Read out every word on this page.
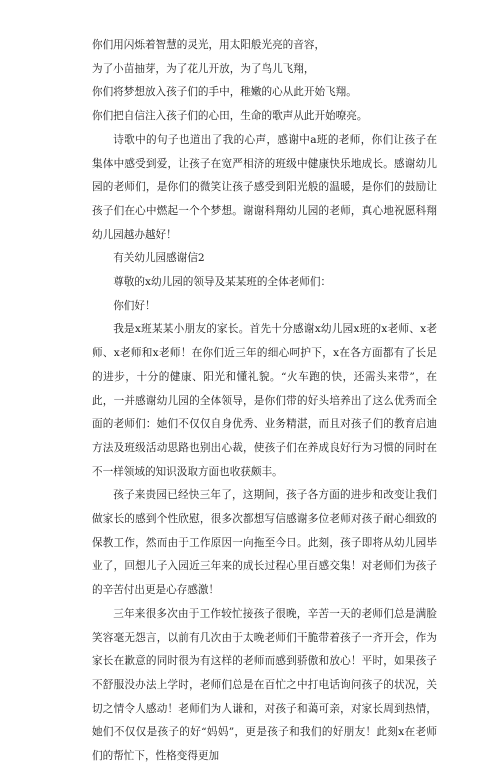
你们用闪烁着智慧的灵光，用太阳般光亮的音容，

为了小苗抽芽，为了花儿开放，为了鸟儿飞翔，

你们将梦想放入孩子们的手中，稚嫩的心从此开始飞翔。

你们把自信注入孩子们的心田，生命的歌声从此开始嘹亮。

诗歌中的句子也道出了我的心声，感谢中a班的老师，你们让孩子在集体中感受到爱，让孩子在宽严相济的班级中健康快乐地成长。感谢幼儿园的老师们，是你们的微笑让孩子感受到阳光般的温暖，是你们的鼓励让孩子们在心中燃起一个个梦想。谢谢科翔幼儿园的老师，真心地祝愿科翔幼儿园越办越好！

有关幼儿园感谢信2

尊敬的x幼儿园的领导及某某班的全体老师们：

你们好！

我是x班某某小朋友的家长。首先十分感谢x幼儿园x班的x老师、x老师、x老师和x老师！在你们近三年的细心呵护下，x在各方面都有了长足的进步，十分的健康、阳光和懂礼貌。“火车跑的快，还需头来带”，在此，一并感谢幼儿园的全体领导，是你们带的好头培养出了这么优秀而全面的老师们：她们不仅仅自身优秀、业务精湛，而且对孩子们的教育启迪方法及班级活动思路也别出心裁，使孩子们在养成良好行为习惯的同时在不一样领域的知识汲取方面也收获颇丰。

孩子来贵园已经快三年了，这期间，孩子各方面的进步和改变让我们做家长的感到个性欣慰，很多次都想写信感谢多位老师对孩子耐心细致的保教工作，然而由于工作原因一向拖至今日。此刻，孩子即将从幼儿园毕业了，回想儿子入园近三年来的成长过程心里百感交集！对老师们为孩子的辛苦付出更是心存感激！

三年来很多次由于工作较忙接孩子很晚，辛苦一天的老师们总是满脸笑容毫无怨言，以前有几次由于太晚老师们干脆带着孩子一齐开会，作为家长在歉意的同时很为有这样的老师而感到骄傲和放心！平时，如果孩子不舒服没办法上学时，老师们总是在百忙之中打电话询问孩子的状况，关切之情令人感动！老师们为人谦和，对孩子和蔼可亲，对家长周到热情，她们不仅仅是孩子的好“妈妈”，更是孩子和我们的好朋友！此刻x在老师们的帮忙下，性格变得更加
